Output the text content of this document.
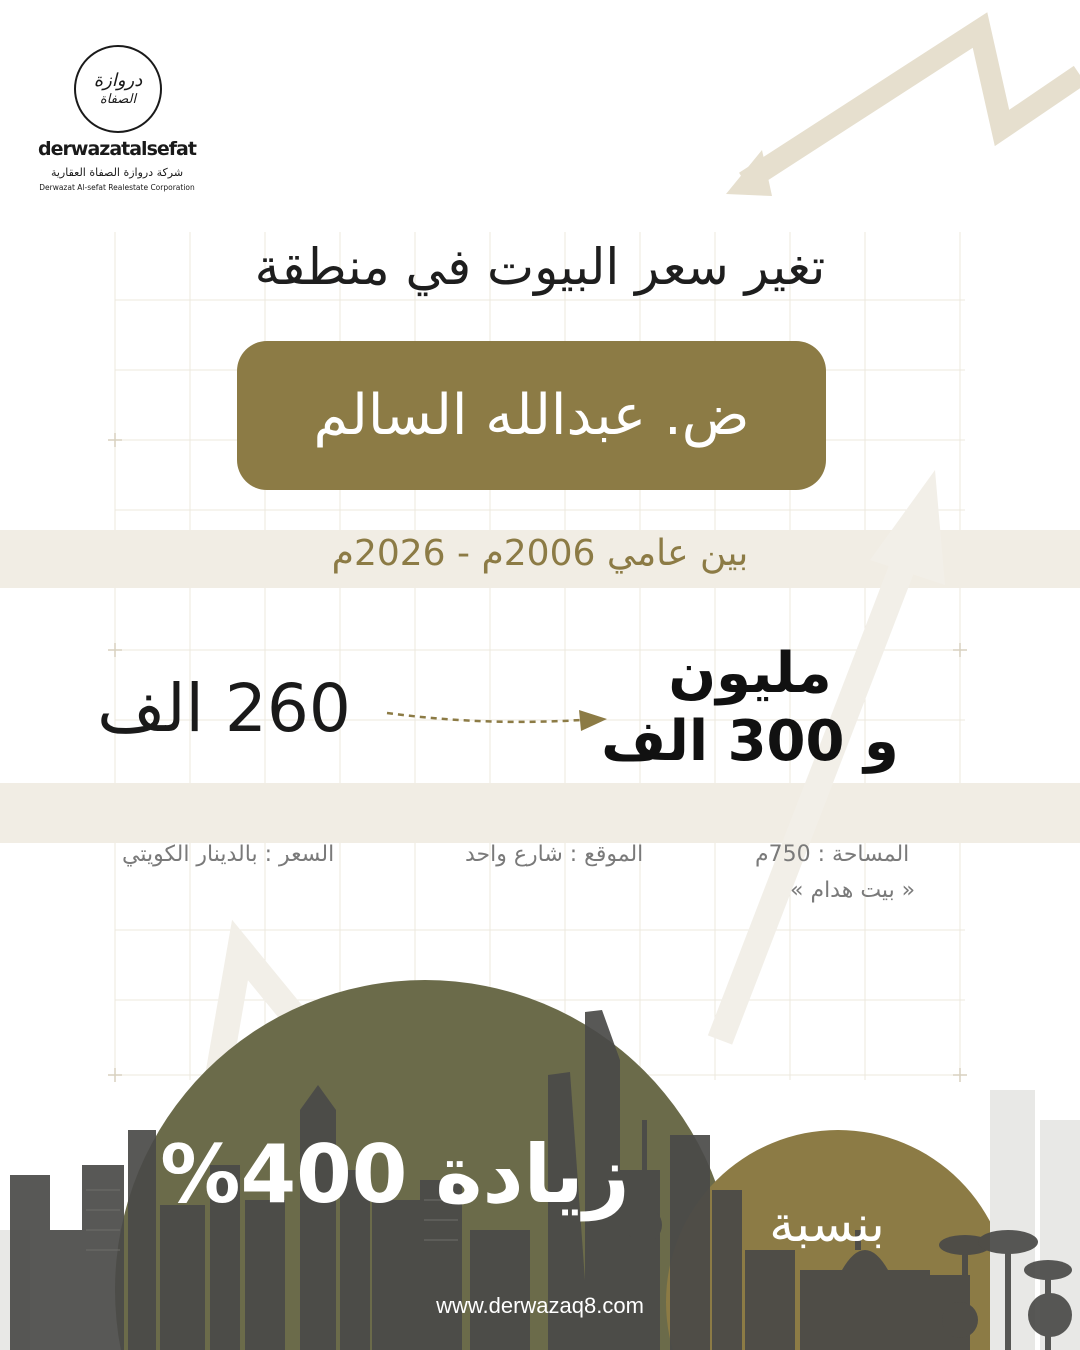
دروازة
الصفاة
derwazatalsefat
شركة دروازة الصفاة العقارية
Derwazat Al-sefat Realestate Corporation
تغير سعر البيوت في منطقة
ض. عبدالله السالم
بين عامي 2006م - 2026م
260 الف	مليون
و 300 الف
المساحة : 750م
« بيت هدام »
الموقع : شارع واحد
السعر : بالدينار الكويتي
زيادة 400%
بنسبة
www.derwazaq8.com
